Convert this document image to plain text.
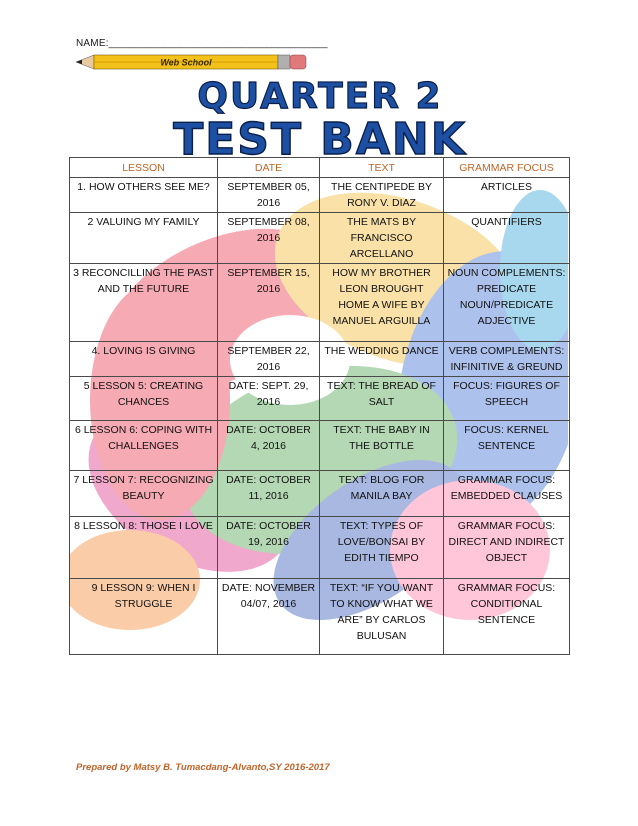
NAME:______________________________________
Web School
QUARTER 2
TEST BANK
LESSON	DATE	TEXT	GRAMMAR FOCUS
1. HOW OTHERS SEE ME?	SEPTEMBER 05, 2016	THE CENTIPEDE BY RONY V. DIAZ	ARTICLES
2 VALUING MY FAMILY	SEPTEMBER 08, 2016	THE MATS BY FRANCISCO ARCELLANO	QUANTIFIERS
3 RECONCILLING THE PAST AND THE FUTURE	SEPTEMBER 15, 2016	HOW MY BROTHER LEON BROUGHT HOME A WIFE BY MANUEL ARGUILLA	NOUN COMPLEMENTS: PREDICATE NOUN/PREDICATE ADJECTIVE
4. LOVING IS GIVING	SEPTEMBER 22, 2016	THE WEDDING DANCE	VERB COMPLEMENTS: INFINITIVE & GREUND
5 LESSON 5: CREATING CHANCES	DATE: SEPT. 29, 2016	TEXT: THE BREAD OF SALT	FOCUS: FIGURES OF SPEECH
6 LESSON 6: COPING WITH CHALLENGES	DATE: OCTOBER 4, 2016	TEXT: THE BABY IN THE BOTTLE	FOCUS: KERNEL SENTENCE
7 LESSON 7: RECOGNIZING BEAUTY	DATE: OCTOBER 11, 2016	TEXT: BLOG FOR MANILA BAY	GRAMMAR FOCUS: EMBEDDED CLAUSES
8 LESSON 8: THOSE I LOVE	DATE: OCTOBER 19, 2016	TEXT: TYPES OF LOVE/BONSAI BY EDITH TIEMPO	GRAMMAR FOCUS: DIRECT AND INDIRECT OBJECT
9 LESSON 9: WHEN I STRUGGLE	DATE: NOVEMBER 04/07, 2016	TEXT: “IF YOU WANT TO KNOW WHAT WE ARE” BY CARLOS BULUSAN	GRAMMAR FOCUS: CONDITIONAL SENTENCE
Prepared by Matsy B. Tumacdang-Alvanto,SY 2016-2017
